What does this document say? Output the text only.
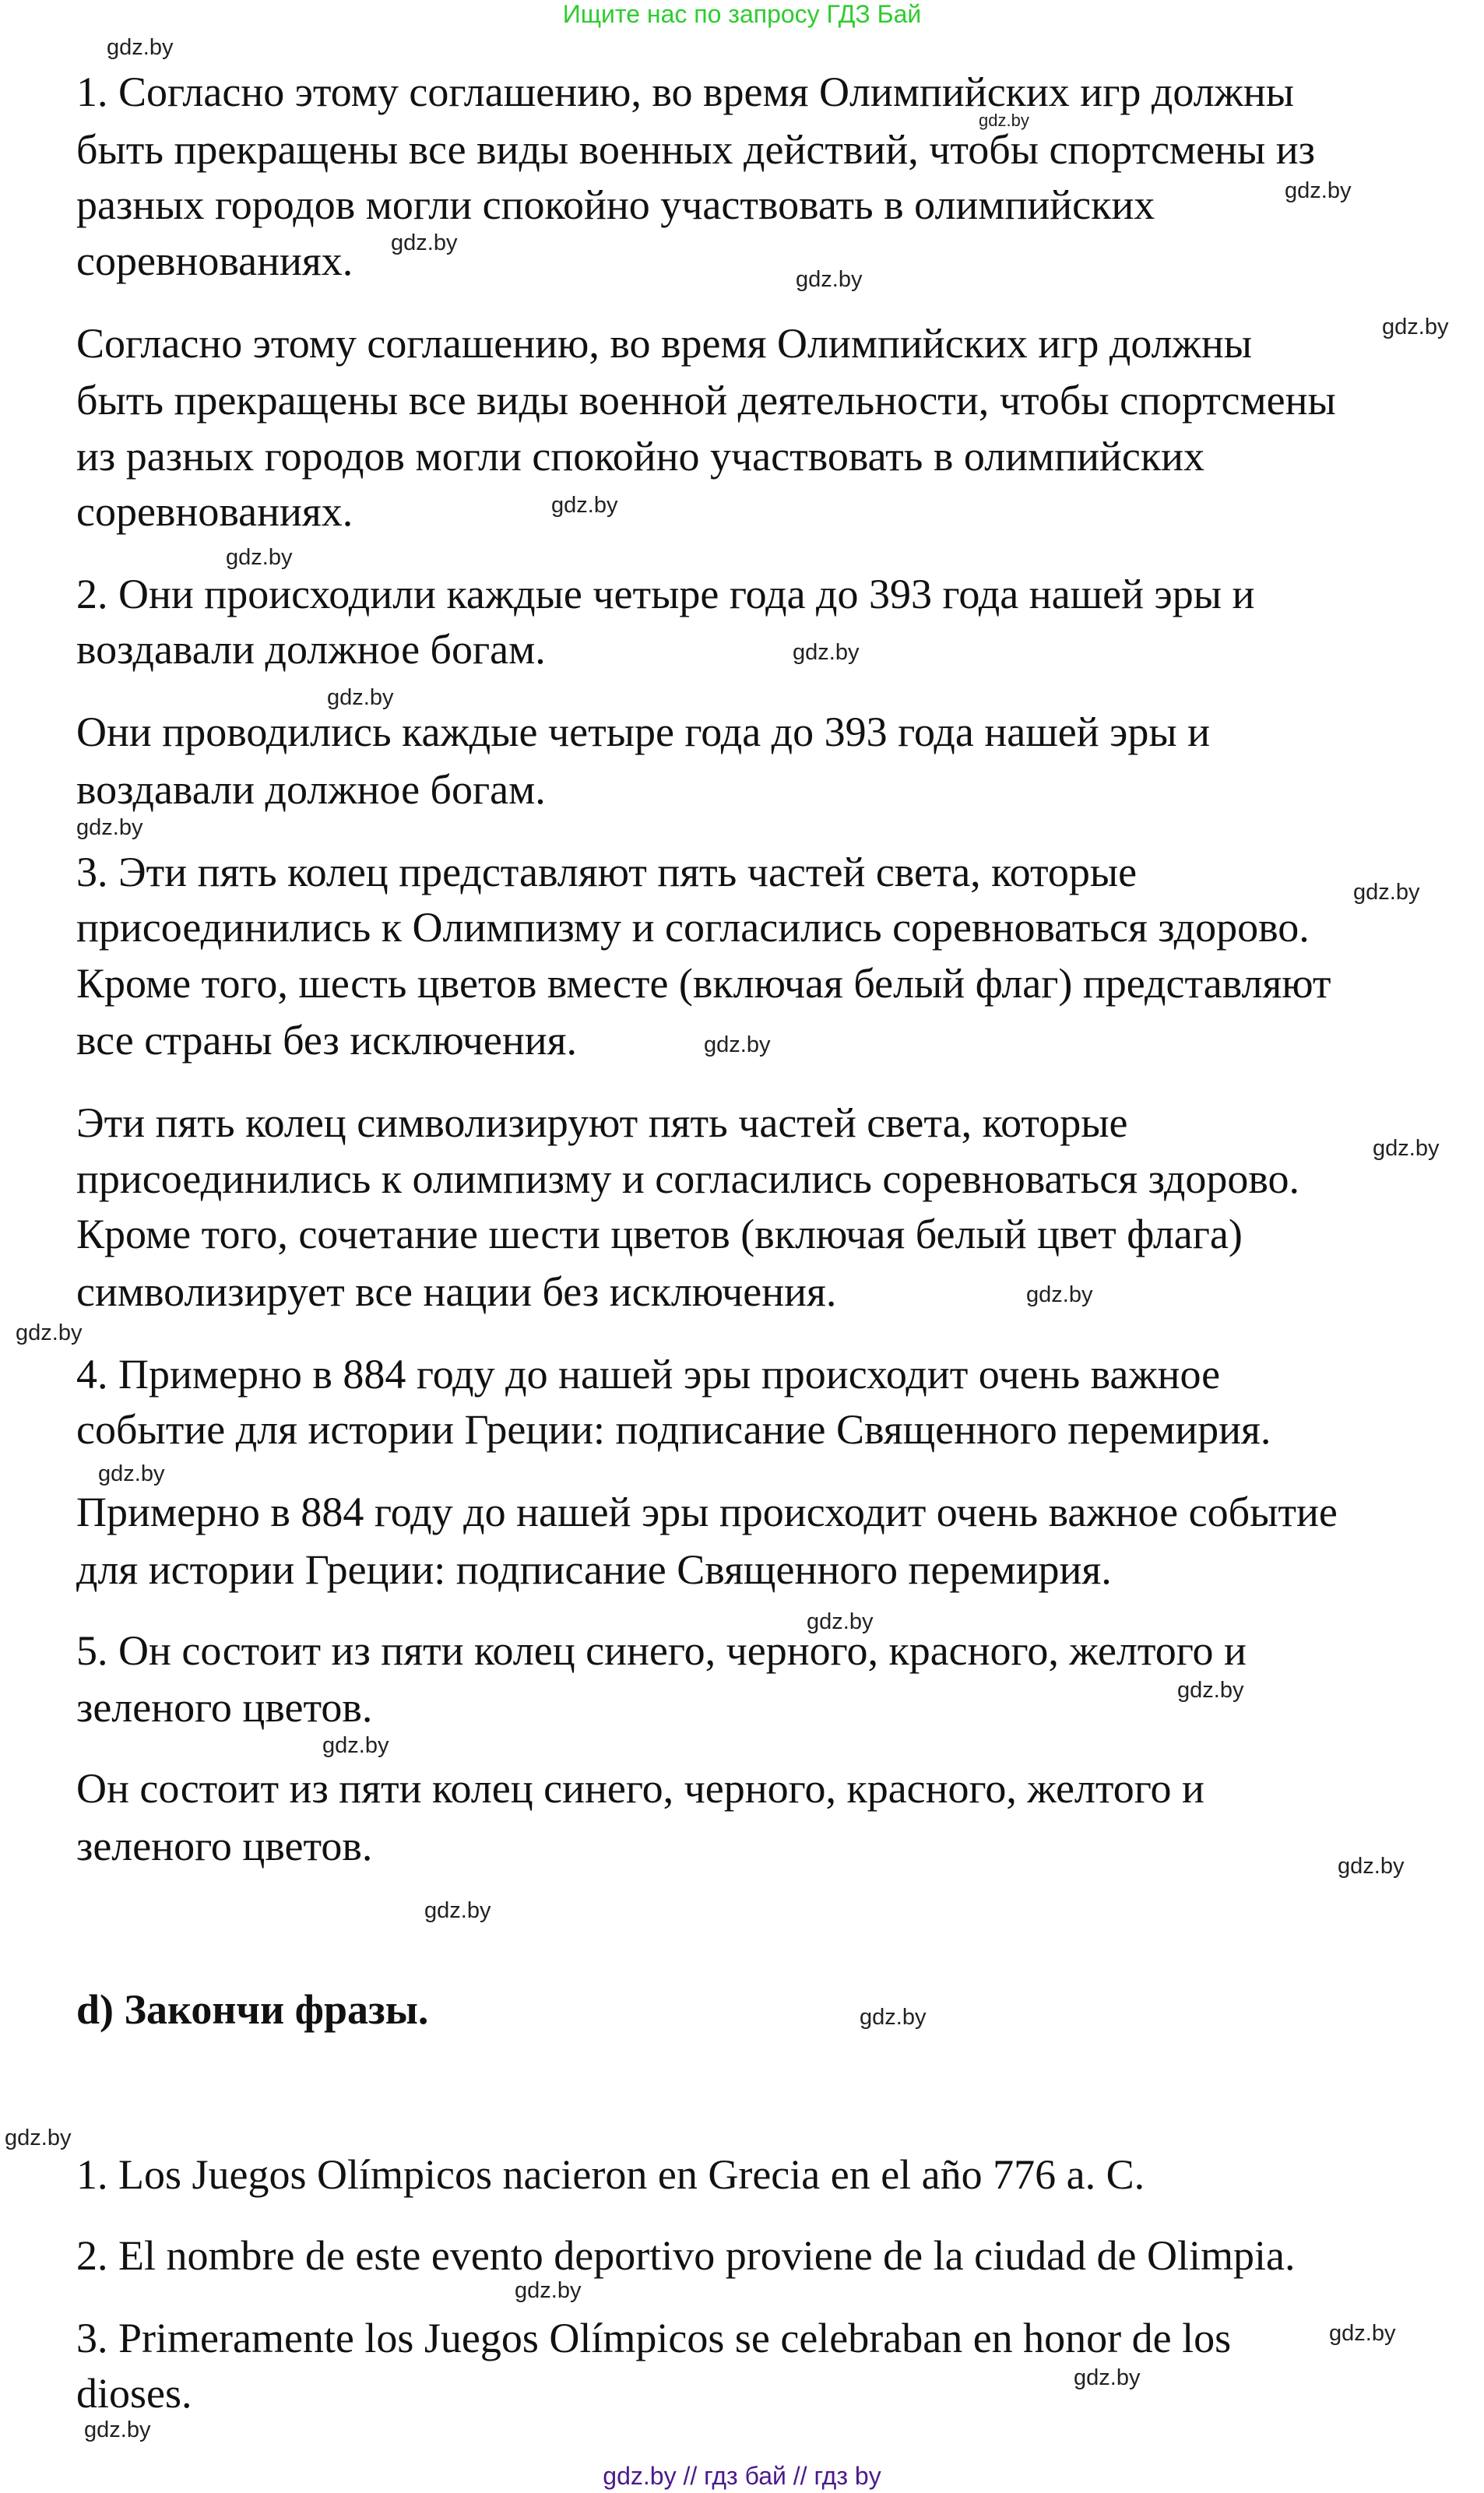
Ищите нас по запросу ГДЗ Бай
1. Согласно этому соглашению, во время Олимпийских игр должны
быть прекращены все виды военных действий, чтобы спортсмены из
разных городов могли спокойно участвовать в олимпийских
соревнованиях.
Согласно этому соглашению, во время Олимпийских игр должны
быть прекращены все виды военной деятельности, чтобы спортсмены
из разных городов могли спокойно участвовать в олимпийских
соревнованиях.
2. Они происходили каждые четыре года до 393 года нашей эры и
воздавали должное богам.
Они проводились каждые четыре года до 393 года нашей эры и
воздавали должное богам.
3. Эти пять колец представляют пять частей света, которые
присоединились к Олимпизму и согласились соревноваться здорово.
Кроме того, шесть цветов вместе (включая белый флаг) представляют
все страны без исключения.
Эти пять колец символизируют пять частей света, которые
присоединились к олимпизму и согласились соревноваться здорово.
Кроме того, сочетание шести цветов (включая белый цвет флага)
символизирует все нации без исключения.
4. Примерно в 884 году до нашей эры происходит очень важное
событие для истории Греции: подписание Священного перемирия.
Примерно в 884 году до нашей эры происходит очень важное событие
для истории Греции: подписание Священного перемирия.
5. Он состоит из пяти колец синего, черного, красного, желтого и
зеленого цветов.
Он состоит из пяти колец синего, черного, красного, желтого и
зеленого цветов.
d) Закончи фразы.
1. Los Juegos Olímpicos nacieron en Grecia en el año 776 a. C.
2. El nombre de este evento deportivo proviene de la ciudad de Olimpia.
3. Primeramente los Juegos Olímpicos se celebraban en honor de los
dioses.
gdz.by
gdz.by
gdz.by
gdz.by
gdz.by
gdz.by
gdz.by
gdz.by
gdz.by
gdz.by
gdz.by
gdz.by
gdz.by
gdz.by
gdz.by
gdz.by
gdz.by
gdz.by
gdz.by
gdz.by
gdz.by
gdz.by
gdz.by
gdz.by
gdz.by
gdz.by
gdz.by
gdz.by
gdz.by // гдз бай // гдз by
